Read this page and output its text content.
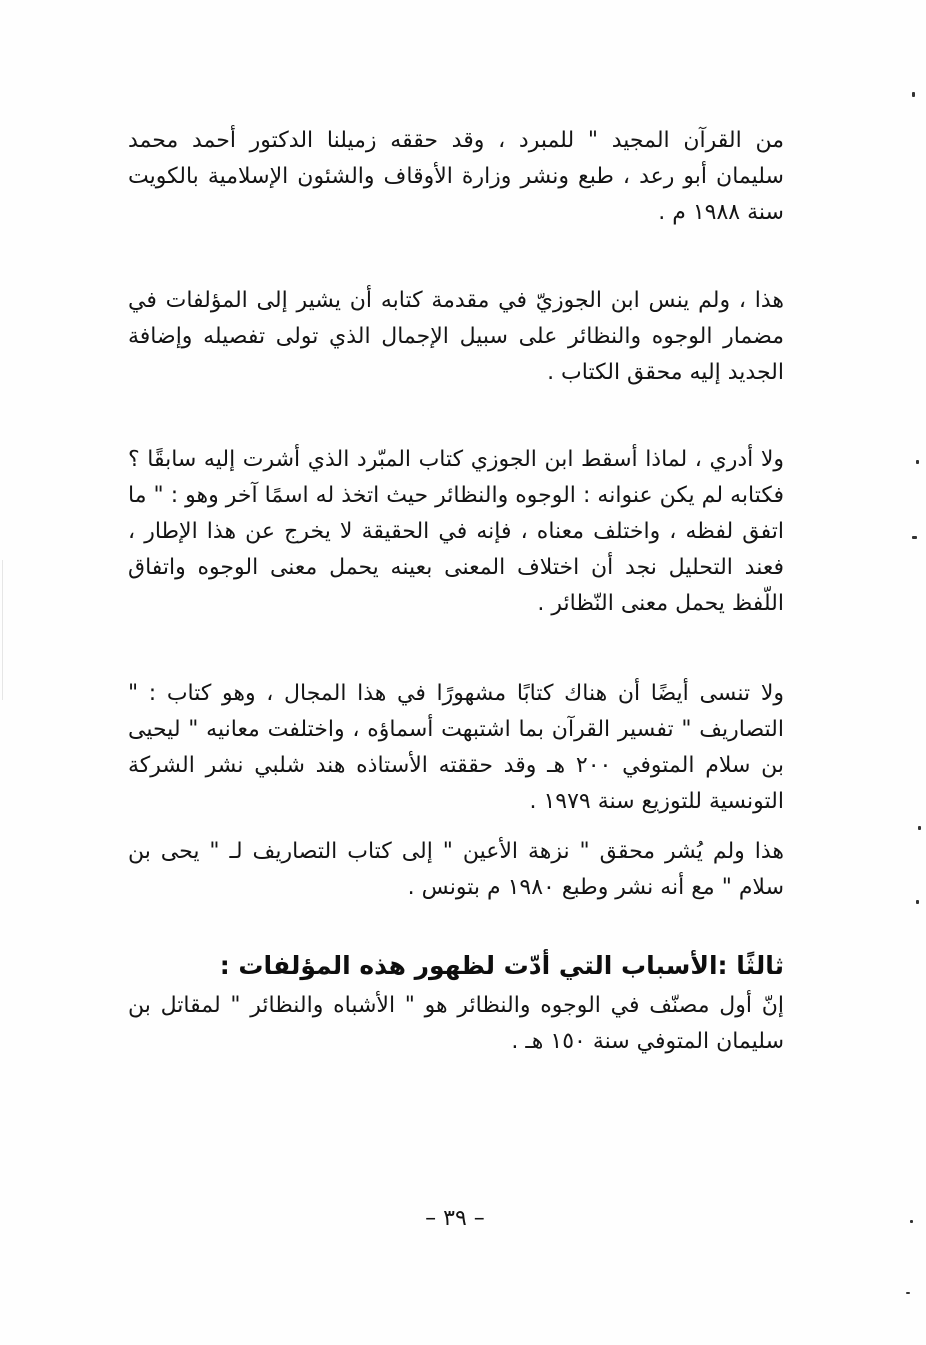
من القرآن المجيد " للمبرد ، وقد حققه زميلنا الدكتور أحمد محمد سليمان أبو رعد ، طبع ونشر وزارة الأوقاف والشئون الإسلامية بالكويت سنة ١٩٨٨ م .

هذا ، ولم ينس ابن الجوزيّ في مقدمة كتابه أن يشير إلى المؤلفات في مضمار الوجوه والنظائر على سبيل الإجمال الذي تولى تفصيله وإضافة الجديد إليه محقق الكتاب .

ولا أدري ، لماذا أسقط ابن الجوزي كتاب المبّرد الذي أشرت إليه سابقًا ؟ فكتابه لم يكن عنوانه : الوجوه والنظائر حيث اتخذ له اسمًا آخر وهو : " ما اتفق لفظه ، واختلف معناه ، فإنه في الحقيقة لا يخرج عن هذا الإطار ، فعند التحليل نجد أن اختلاف المعنى بعينه يحمل معنى الوجوه واتفاق اللّفظ يحمل معنى النّظائر .

ولا تنسى أيضًا أن هناك كتابًا مشهورًا في هذا المجال ، وهو كتاب : " التصاريف " تفسير القرآن بما اشتبهت أسماؤه ، واختلفت معانيه " ليحيى بن سلام المتوفي ٢٠٠ هـ وقد حققته الأستاذه هند شلبي نشر الشركة التونسية للتوزيع سنة ١٩٧٩ .

هذا ولم يُشر محقق " نزهة الأعين " إلى كتاب التصاريف لـ " يحى بن سلام " مع أنه نشر وطبع ١٩٨٠ م بتونس .

ثالثًا :الأسباب التي أدّت لظهور هذه المؤلفات :

إنّ أول مصنّف في الوجوه والنظائر هو " الأشباه والنظائر " لمقاتل بن سليمان المتوفي سنة ١٥٠ هـ .

– ٣٩ –
